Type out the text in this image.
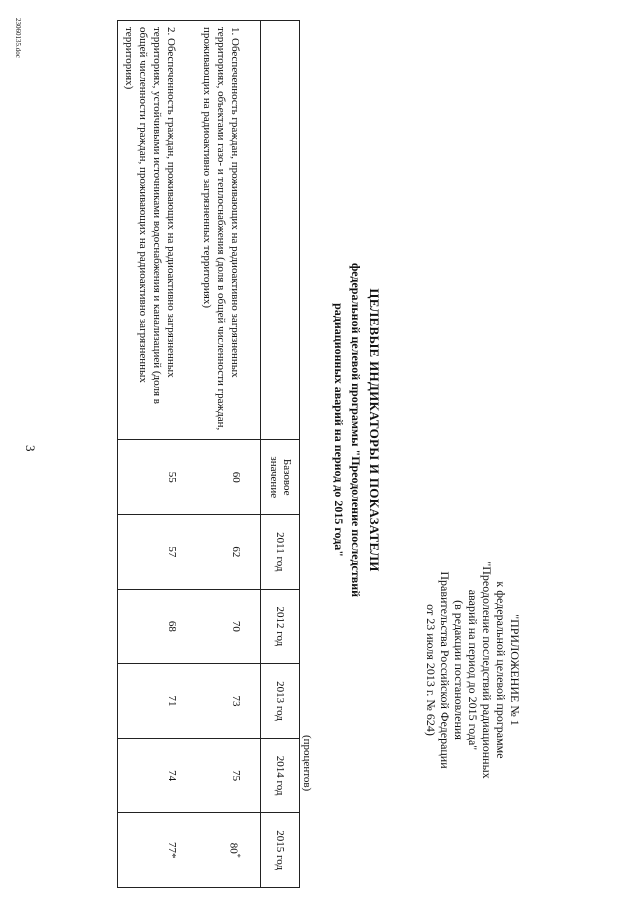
3
"ПРИЛОЖЕНИЕ № 1
к федеральной целевой программе
"Преодоление последствий радиационных
аварий на период до 2015 года"
(в редакции постановления
Правительства Российской Федерации
от 23 июля 2013 г. № 624)
ЦЕЛЕВЫЕ ИНДИКАТОРЫ И ПОКАЗАТЕЛИ
федеральной целевой программы "Преодоление последствий
радиационных аварий на период до 2015 года"
(процентов)
	Базовое значение	2011 год	2012 год	2013 год	2014 год	2015 год
1. Обеспеченность граждан, проживающих на радиоактивно загрязненных территориях, объектами газо- и теплоснабжения (доля в общей численности граждан, проживающих на радиоактивно загрязненных территориях)	60	62	70	73	75	80*
2. Обеспеченность граждан, проживающих на радиоактивно загрязненных территориях, устойчивыми источниками водоснабжения и канализацией (доля в общей численности граждан, проживающих на радиоактивно загрязненных территориях)	55	57	68	71	74	77*
23060135.doc
